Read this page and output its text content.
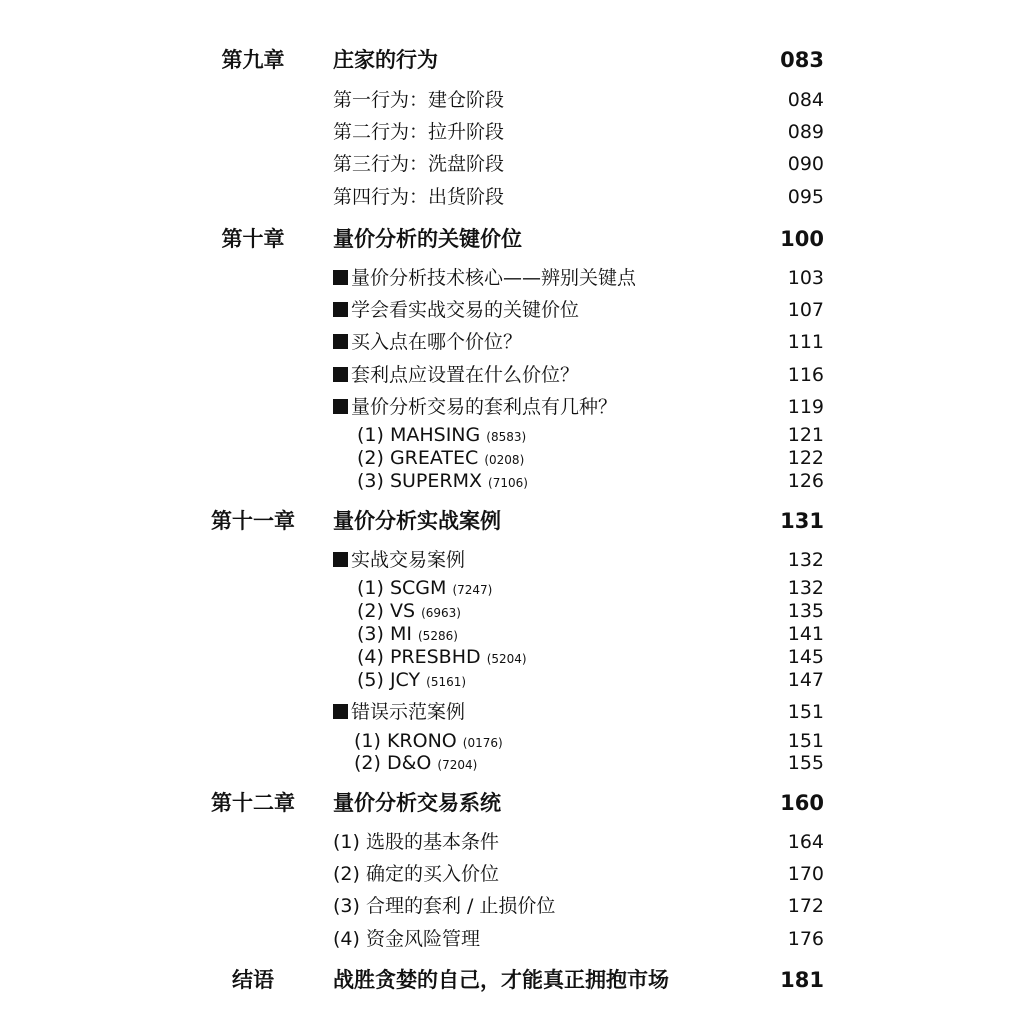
第九章 庄家的行为	083
第一行为：建仓阶段	084
第二行为：拉升阶段	089
第三行为：洗盘阶段	090
第四行为：出货阶段	095
第十章 量价分析的关键价位	100
量价分析技术核心——辨别关键点	103
学会看实战交易的关键价位	107
买入点在哪个价位？	111
套利点应设置在什么价位？	116
量价分析交易的套利点有几种？	119
(1) MAHSING (8583)	121
(2) GREATEC (0208)	122
(3) SUPERMX (7106)	126
第十一章	量价分析实战案例	131
实战交易案例	132
(1) SCGM (7247)	132
(2) VS (6963)	135
(3) MI (5286)	141
(4) PRESBHD (5204)	145
(5) JCY (5161)	147
错误示范案例	151
(1) KRONO (0176)	151
(2) D&O (7204)	155
第十二章	量价分析交易系统	160
(1) 选股的基本条件	164
(2) 确定的买入价位	170
(3) 合理的套利 / 止损价位	172
(4) 资金风险管理	176
结语	战胜贪婪的自己，才能真正拥抱市场	181
